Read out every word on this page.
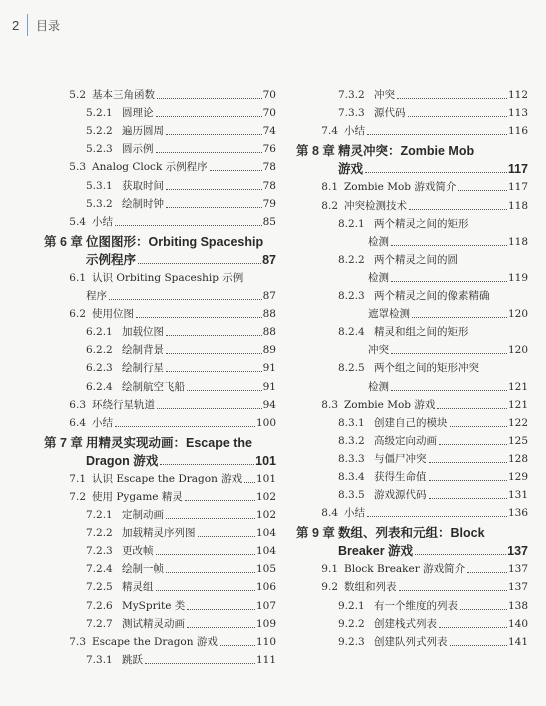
2 目录
5.2 基本三角函数	70
5.2.1 圆理论	70
5.2.2 遍历圆周	74
5.2.3 圆示例	76
5.3 Analog Clock 示例程序	78
5.3.1 获取时间	78
5.3.2 绘制时钟	79
5.4 小结	85
第 6 章 位图图形：Orbiting Spaceship
示例程序	87
6.1 认识 Orbiting Spaceship 示例
程序	87
6.2 使用位图	88
6.2.1 加载位图	88
6.2.2 绘制背景	89
6.2.3 绘制行星	91
6.2.4 绘制航空飞船	91
6.3 环绕行星轨道	94
6.4 小结	100
第 7 章 用精灵实现动画：Escape the
Dragon 游戏	101
7.1 认识 Escape the Dragon 游戏 101
7.2 使用 Pygame 精灵	102
7.2.1 定制动画	102
7.2.2 加载精灵序列图	104
7.2.3 更改帧	104
7.2.4 绘制一帧	105
7.2.5 精灵组	106
7.2.6 MySprite 类	107
7.2.7 测试精灵动画	109
7.3 Escape the Dragon 游戏	110
7.3.1 跳跃	111
7.3.2 冲突	112
7.3.3 源代码	113
7.4 小结	116
第 8 章 精灵冲突：Zombie Mob
游戏	117
8.1 Zombie Mob 游戏简介	117
8.2 冲突检测技术	118
8.2.1 两个精灵之间的矩形
检测	118
8.2.2 两个精灵之间的圆
检测	119
8.2.3 两个精灵之间的像素精确
遮罩检测	120
8.2.4 精灵和组之间的矩形
冲突	120
8.2.5 两个组之间的矩形冲突
检测	121
8.3 Zombie Mob 游戏	121
8.3.1 创建自己的模块	122
8.3.2 高级定向动画	125
8.3.3 与僵尸冲突	128
8.3.4 获得生命值	129
8.3.5 游戏源代码	131
8.4 小结	136
第 9 章 数组、列表和元组：Block
Breaker 游戏	137
9.1 Block Breaker 游戏简介	137
9.2 数组和列表	137
9.2.1 有一个维度的列表	138
9.2.2 创建栈式列表	140
9.2.3 创建队列式列表	141
